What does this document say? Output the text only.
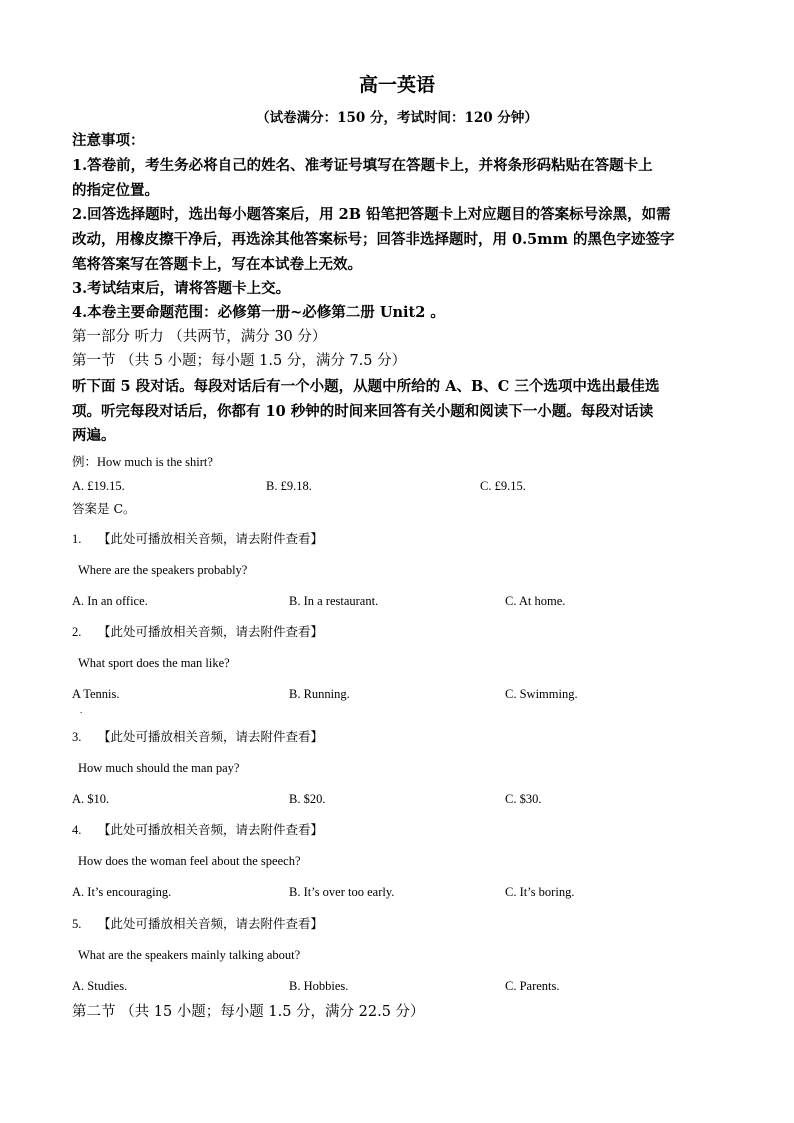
高一英语
（试卷满分：150 分，考试时间：120 分钟）
注意事项：
1.答卷前，考生务必将自己的姓名、准考证号填写在答题卡上，并将条形码粘贴在答题卡上
的指定位置。
2.回答选择题时，选出每小题答案后，用 2B 铅笔把答题卡上对应题目的答案标号涂黑，如需
改动，用橡皮擦干净后，再选涂其他答案标号；回答非选择题时，用 0.5mm 的黑色字迹签字
笔将答案写在答题卡上，写在本试卷上无效。
3.考试结束后，请将答题卡上交。
4.本卷主要命题范围：必修第一册~必修第二册 Unit2 。
第一部分 听力 （共两节，满分 30 分）
第一节 （共 5 小题；每小题 1.5 分，满分 7.5 分）
听下面 5 段对话。每段对话后有一个小题，从题中所给的 A、B、C 三个选项中选出最佳选
项。听完每段对话后，你都有 10 秒钟的时间来回答有关小题和阅读下一小题。每段对话读
两遍。
例：How much is the shirt?
A. £19.15.	B. £9.18.	C. £9.15.
答案是 C。
1. 【此处可播放相关音频，请去附件查看】
Where are the speakers probably?
A. In an office.	B. In a restaurant.	C. At home.
2. 【此处可播放相关音频，请去附件查看】
What sport does the man like?
A Tennis.	B. Running.	C. Swimming.
.
3. 【此处可播放相关音频，请去附件查看】
How much should the man pay?
A. $10.	B. $20.	C. $30.
4. 【此处可播放相关音频，请去附件查看】
How does the woman feel about the speech?
A. It’s encouraging.	B. It’s over too early.	C. It’s boring.
5. 【此处可播放相关音频，请去附件查看】
What are the speakers mainly talking about?
A. Studies.	B. Hobbies.	C. Parents.
第二节 （共 15 小题；每小题 1.5 分，满分 22.5 分）
